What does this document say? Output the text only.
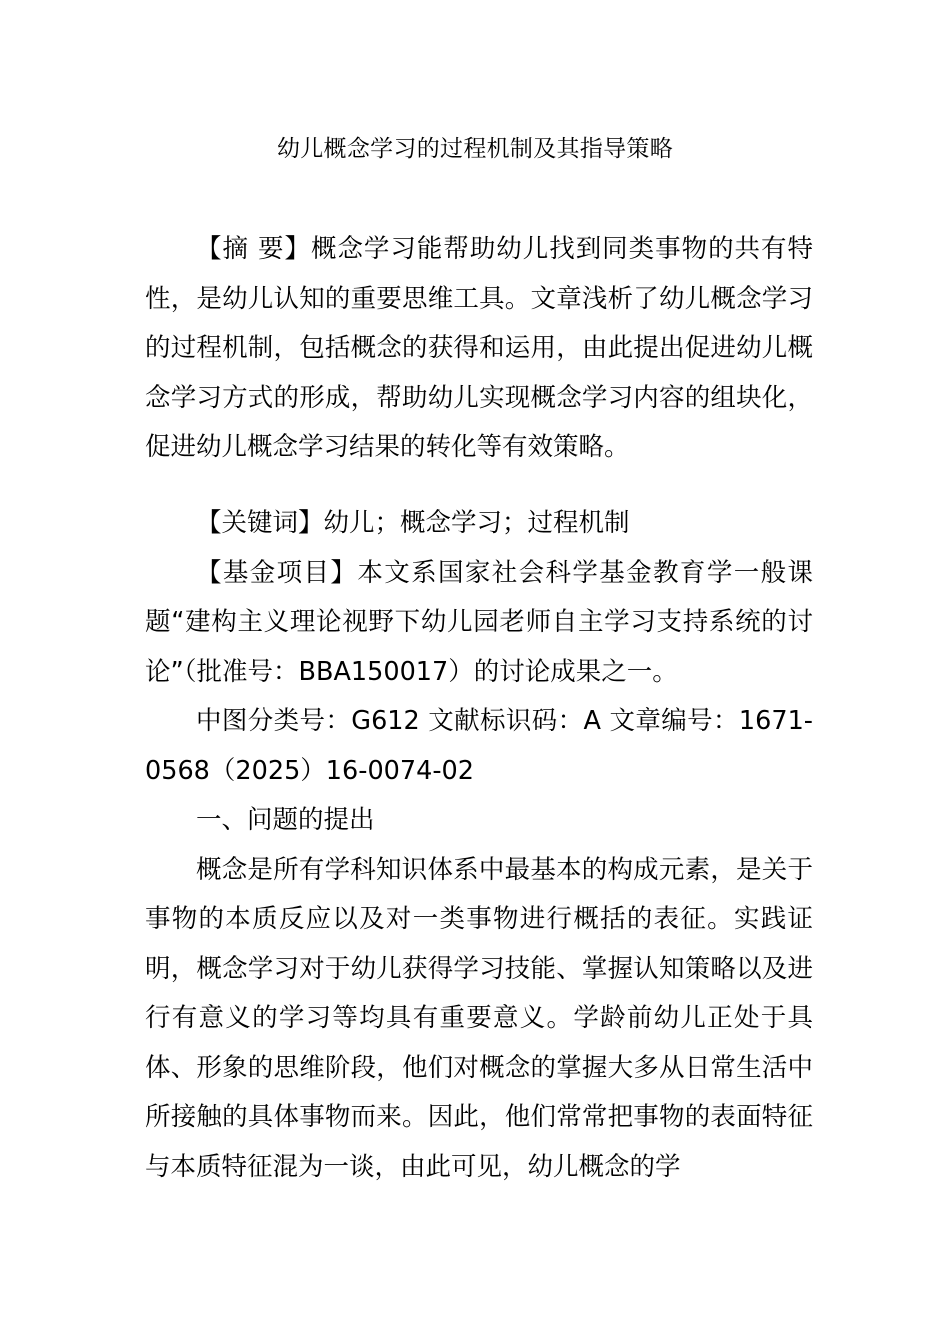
幼儿概念学习的过程机制及其指导策略

【摘 要】概念学习能帮助幼儿找到同类事物的共有特性，是幼儿认知的重要思维工具。文章浅析了幼儿概念学习的过程机制，包括概念的获得和运用，由此提出促进幼儿概念学习方式的形成，帮助幼儿实现概念学习内容的组块化，促进幼儿概念学习结果的转化等有效策略。

【关键词】幼儿；概念学习；过程机制

【基金项目】本文系国家社会科学基金教育学一般课题“建构主义理论视野下幼儿园老师自主学习支持系统的讨论”（批准号：BBA150017）的讨论成果之一。

中图分类号：G612 文献标识码：A 文章编号：1671-0568（2025）16-0074-02

一、问题的提出

概念是所有学科知识体系中最基本的构成元素，是关于事物的本质反应以及对一类事物进行概括的表征。实践证明，概念学习对于幼儿获得学习技能、掌握认知策略以及进行有意义的学习等均具有重要意义。学龄前幼儿正处于具体、形象的思维阶段，他们对概念的掌握大多从日常生活中所接触的具体事物而来。因此，他们常常把事物的表面特征与本质特征混为一谈，由此可见，幼儿概念的学
